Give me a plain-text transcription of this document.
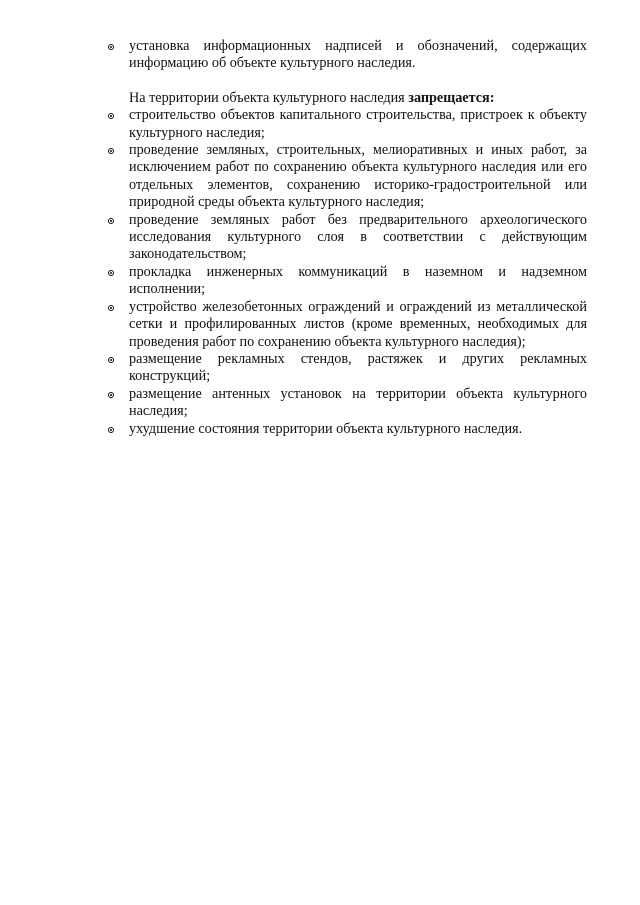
установка информационных надписей и обозначений, содержащих информацию об объекте культурного наследия.

На территории объекта культурного наследия запрещается:

строительство объектов капитального строительства, пристроек к объекту культурного наследия;
проведение земляных, строительных, мелиоративных и иных работ, за исключением работ по сохранению объекта культурного наследия или его отдельных элементов, сохранению историко-градостроительной или природной среды объекта культурного наследия;
проведение земляных работ без предварительного археологического исследования культурного слоя в соответствии с действующим законодательством;
прокладка инженерных коммуникаций в наземном и надземном исполнении;
устройство железобетонных ограждений и ограждений из металлической сетки и профилированных листов (кроме временных, необходимых для проведения работ по сохранению объекта культурного наследия);
размещение рекламных стендов, растяжек и других рекламных конструкций;
размещение антенных установок на территории объекта культурного наследия;
ухудшение состояния территории объекта культурного наследия.
